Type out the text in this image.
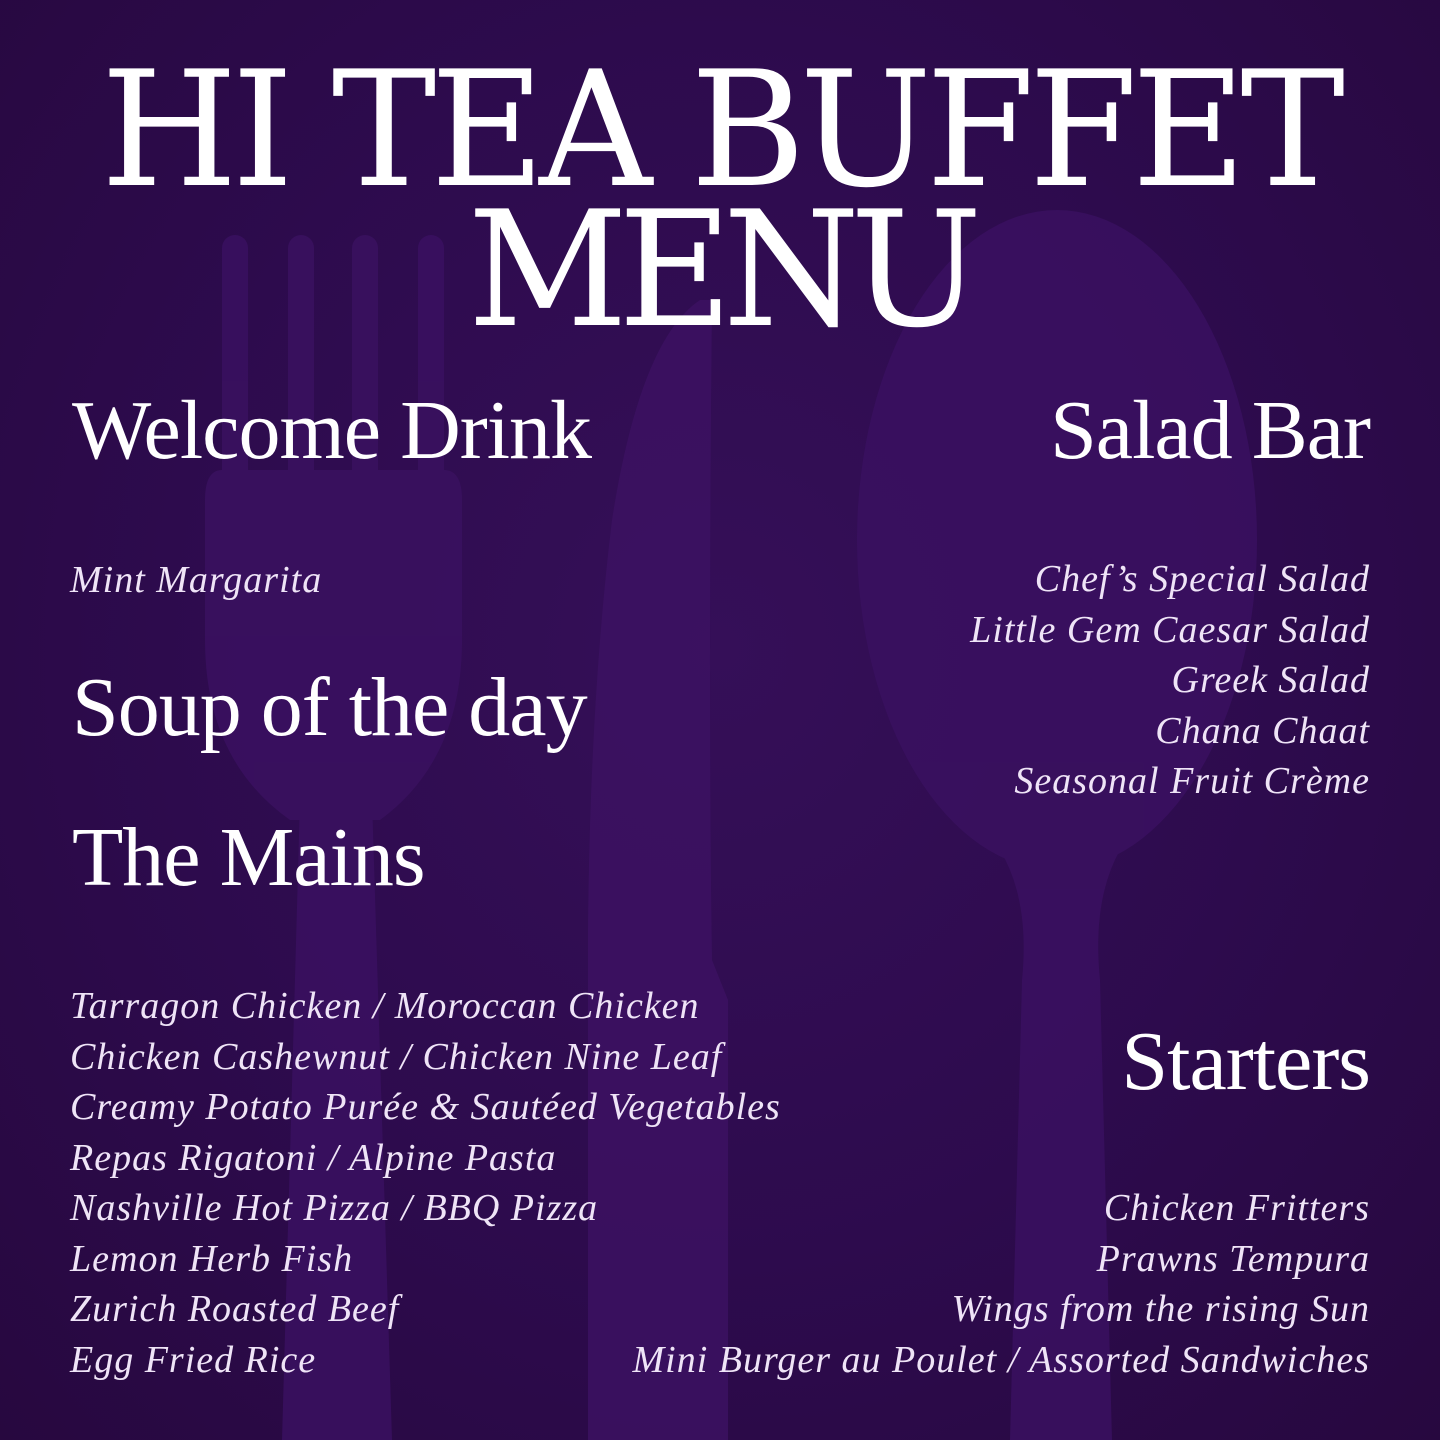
HI TEA BUFFET
MENU
Welcome Drink
Mint Margarita
Soup of the day
The Mains
Tarragon Chicken / Moroccan Chicken
Chicken Cashewnut / Chicken Nine Leaf
Creamy Potato Purée & Sautéed Vegetables
Repas Rigatoni / Alpine Pasta
Nashville Hot Pizza / BBQ Pizza
Lemon Herb Fish
Zurich Roasted Beef
Egg Fried Rice
Salad Bar
Chef’s Special Salad
Little Gem Caesar Salad
Greek Salad
Chana Chaat
Seasonal Fruit Crème
Starters
Chicken Fritters
Prawns Tempura
Wings from the rising Sun
Mini Burger au Poulet / Assorted Sandwiches
